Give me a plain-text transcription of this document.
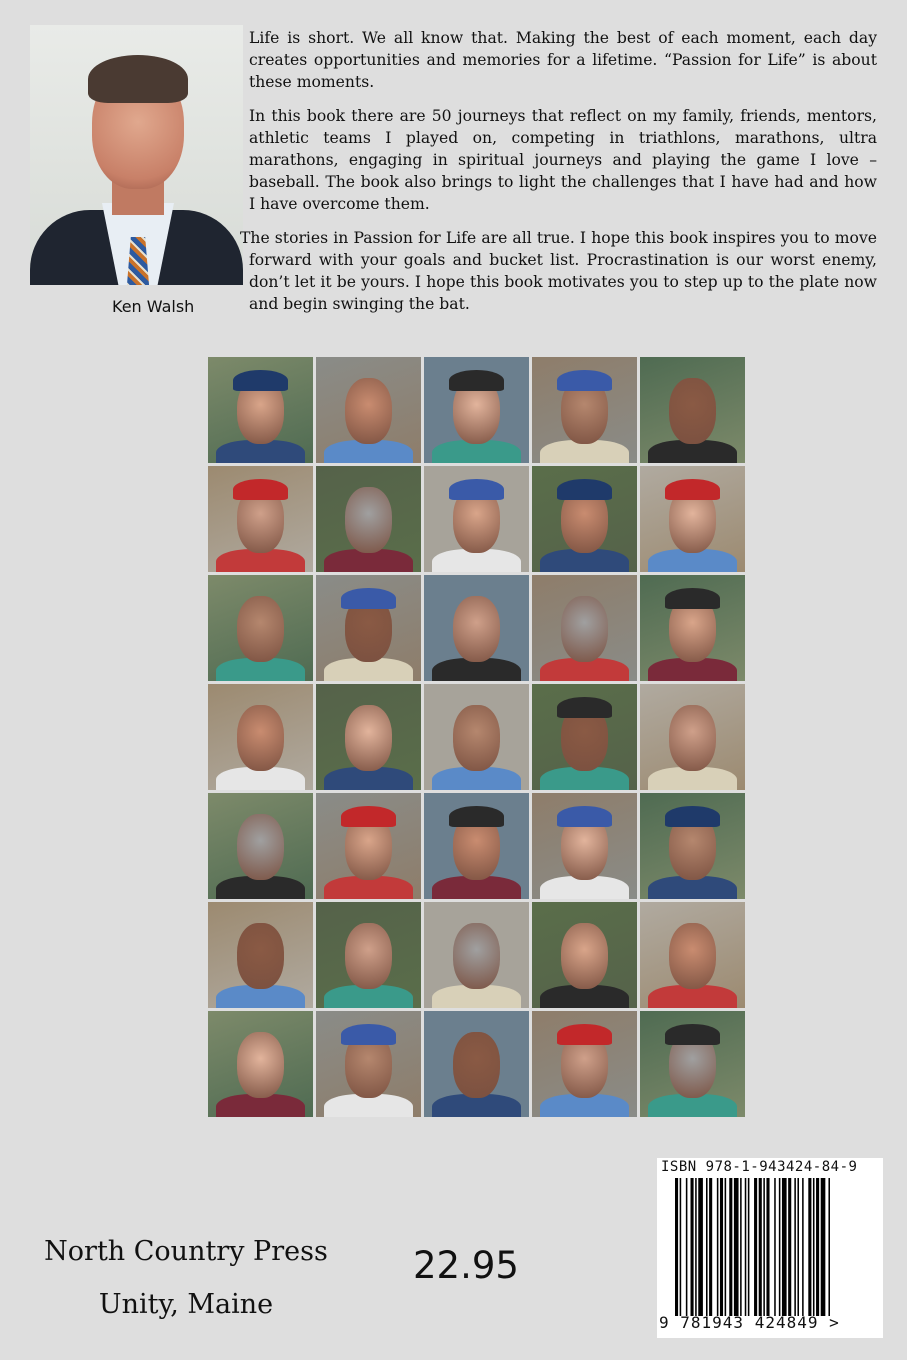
Ken Walsh

Life is short. We all know that. Making the best of each moment, each day creates opportunities and memories for a lifetime. “Passion for Life” is about these moments.

In this book there are 50 journeys that reflect on my family, friends, mentors, athletic teams I played on, competing in triathlons, marathons, ultra marathons, engaging in spiritual journeys and playing the game I love – baseball. The book also brings to light the challenges that I have had and how I have overcome them.

The stories in Passion for Life are all true. I hope this book inspires you to move forward with your goals and bucket list. Procrastination is our worst enemy, don’t let it be yours. I hope this book motivates you to step up to the plate now and begin swinging the bat.

North Country Press
Unity, Maine
22.95
ISBN 978-1-943424-84-9
9 781943 424849 >
